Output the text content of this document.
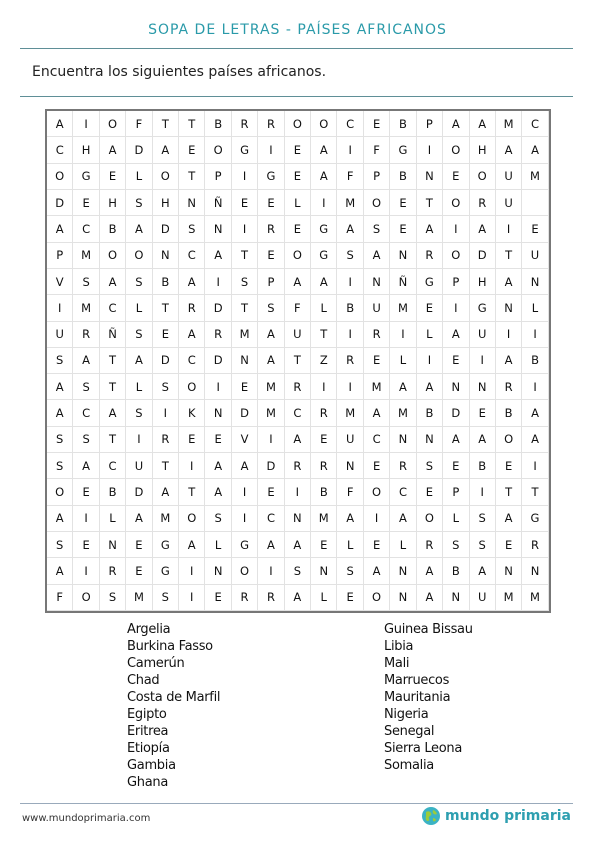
SOPA DE LETRAS - PAÍSES AFRICANOS
Encuentra los siguientes países africanos.
A	I	O	F	T	T	B	R	R	O	O	C	E	B	P	A	A	M	C
C	H	A	D	A	E	O	G	I	E	A	I	F	G	I	O	H	A	A
O	G	E	L	O	T	P	I	G	E	A	F	P	B	N	E	O	U	M
D	E	H	S	H	N	Ñ	E	E	L	I	M	O	E	T	O	R	U
A	C	B	A	D	S	N	I	R	E	G	A	S	E	A	I	A	I	E
P	M	O	O	N	C	A	T	E	O	G	S	A	N	R	O	D	T	U
V	S	A	S	B	A	I	S	P	A	A	I	N	Ñ	G	P	H	A	N
I	M	C	L	T	R	D	T	S	F	L	B	U	M	E	I	G	N	L
U	R	Ñ	S	E	A	R	M	A	U	T	I	R	I	L	A	U	I	I
S	A	T	A	D	C	D	N	A	T	Z	R	E	L	I	E	I	A	B
A	S	T	L	S	O	I	E	M	R	I	I	M	A	A	N	N	R	I
A	C	A	S	I	K	N	D	M	C	R	M	A	M	B	D	E	B	A
S	S	T	I	R	E	E	V	I	A	E	U	C	N	N	A	A	O	A
S	A	C	U	T	I	A	A	D	R	R	N	E	R	S	E	B	E	I
O	E	B	D	A	T	A	I	E	I	B	F	O	C	E	P	I	T	T
A	I	L	A	M	O	S	I	C	N	M	A	I	A	O	L	S	A	G
S	E	N	E	G	A	L	G	A	A	E	L	E	L	R	S	S	E	R
A	I	R	E	G	I	N	O	I	S	N	S	A	N	A	B	A	N	N
F	O	S	M	S	I	E	R	R	A	L	E	O	N	A	N	U	M	M
Argelia
Burkina Fasso
Camerún
Chad
Costa de Marfil
Egipto
Eritrea
Etiopía
Gambia
Ghana
Guinea Bissau
Libia
Mali
Marruecos
Mauritania
Nigeria
Senegal
Sierra Leona
Somalia
www.mundoprimaria.com	mundo primaria
